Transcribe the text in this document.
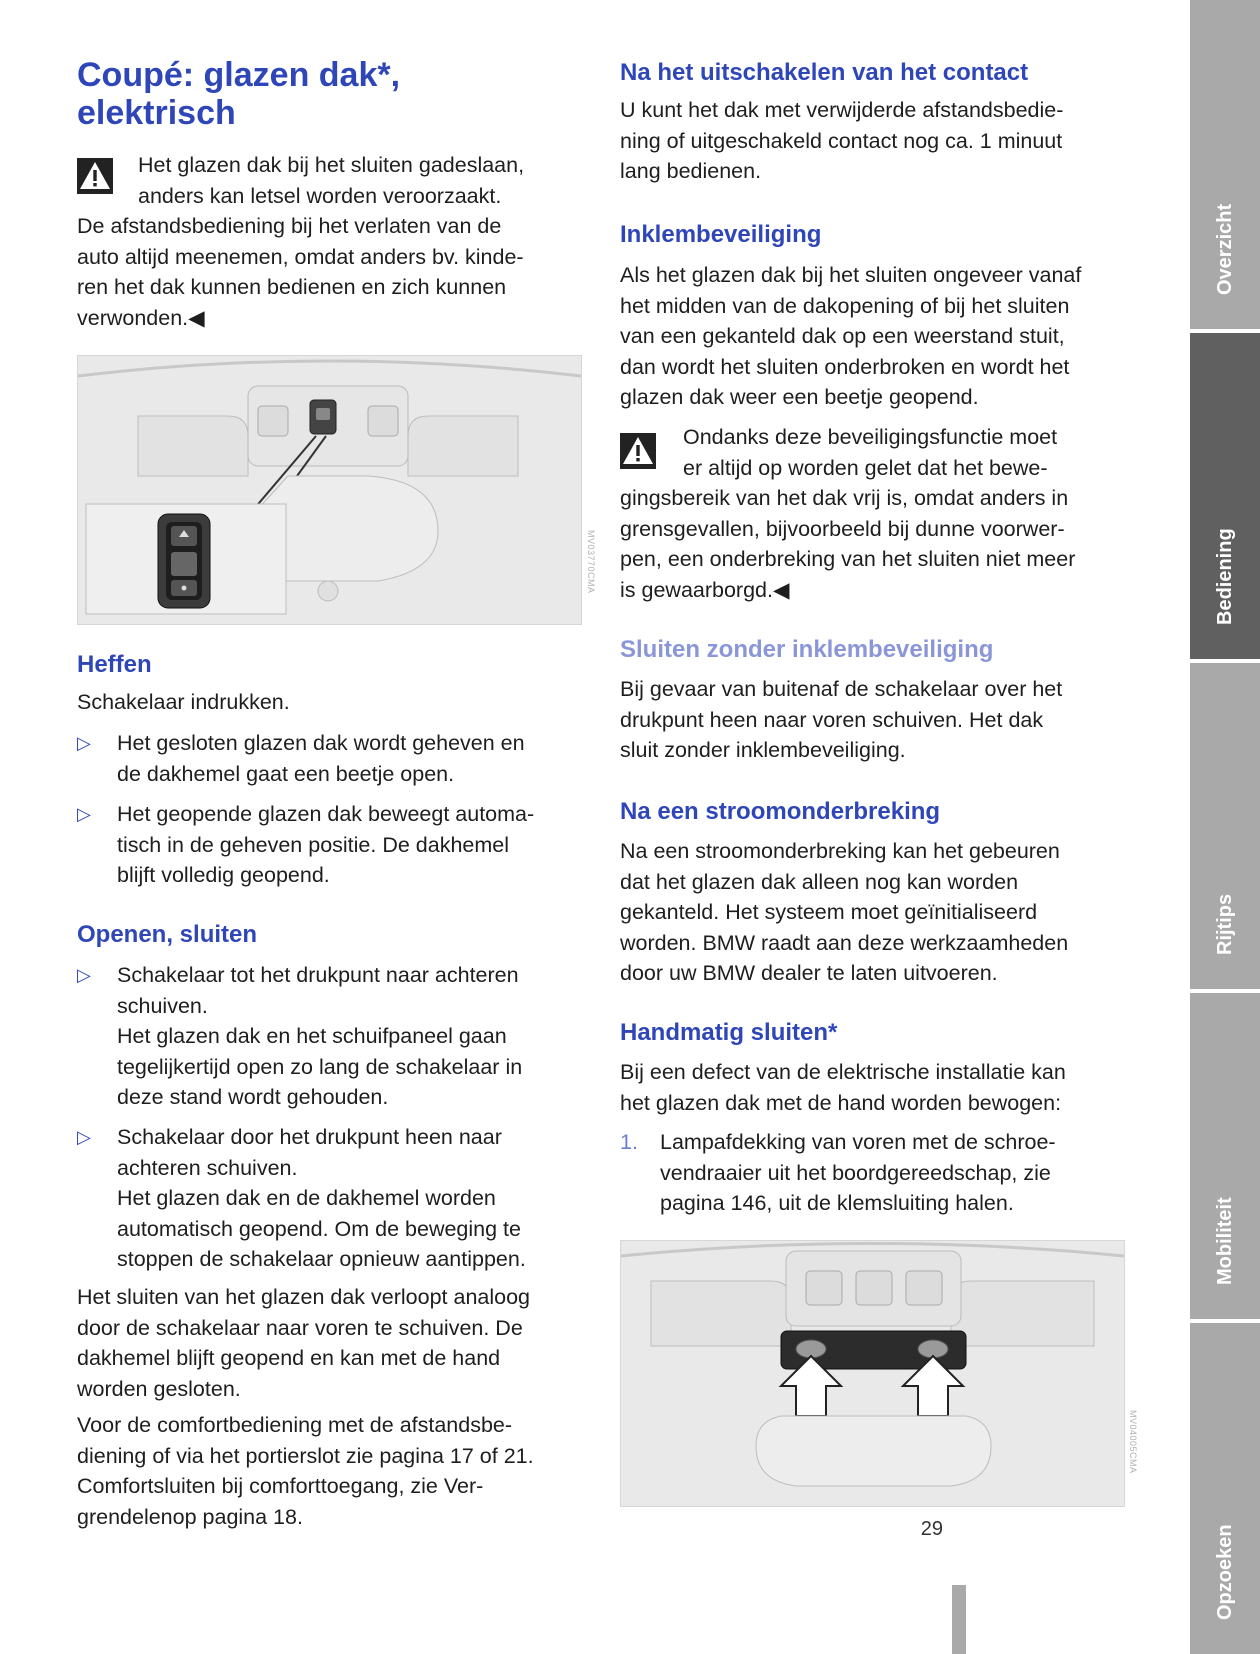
Coupé: glazen dak*,
elektrisch

Het glazen dak bij het sluiten gadeslaan,

anders kan letsel worden veroorzaakt.

De afstandsbediening bij het verlaten van de

auto altijd meenemen, omdat anders bv. kinde-

ren het dak kunnen bedienen en zich kunnen

verwonden.◀

MV03770CMA
Heffen

Schakelaar indrukken.

▷	Het gesloten glazen dak wordt geheven en

de dakhemel gaat een beetje open.

▷	Het geopende glazen dak beweegt automa-

tisch in de geheven positie. De dakhemel

blijft volledig geopend.

Openen, sluiten
▷	Schakelaar tot het drukpunt naar achteren

schuiven.

Het glazen dak en het schuifpaneel gaan

tegelijkertijd open zo lang de schakelaar in

deze stand wordt gehouden.

▷	Schakelaar door het drukpunt heen naar

achteren schuiven.

Het glazen dak en de dakhemel worden

automatisch geopend. Om de beweging te

stoppen de schakelaar opnieuw aantippen.

Het sluiten van het glazen dak verloopt analoog

door de schakelaar naar voren te schuiven. De

dakhemel blijft geopend en kan met de hand

worden gesloten.

Voor de comfortbediening met de afstandsbe-

diening of via het portierslot zie pagina 17 of 21.

Comfortsluiten bij comforttoegang, zie Ver-

grendelenop pagina 18.

Na het uitschakelen van het contact

U kunt het dak met verwijderde afstandsbedie-

ning of uitgeschakeld contact nog ca. 1 minuut

lang bedienen.

Inklembeveiliging

Als het glazen dak bij het sluiten ongeveer vanaf

het midden van de dakopening of bij het sluiten

van een gekanteld dak op een weerstand stuit,

dan wordt het sluiten onderbroken en wordt het

glazen dak weer een beetje geopend.

Ondanks deze beveiligingsfunctie moet

er altijd op worden gelet dat het bewe-

gingsbereik van het dak vrij is, omdat anders in

grensgevallen, bijvoorbeeld bij dunne voorwer-

pen, een onderbreking van het sluiten niet meer

is gewaarborgd.◀

Sluiten zonder inklembeveiliging

Bij gevaar van buitenaf de schakelaar over het

drukpunt heen naar voren schuiven. Het dak

sluit zonder inklembeveiliging.

Na een stroomonderbreking

Na een stroomonderbreking kan het gebeuren

dat het glazen dak alleen nog kan worden

gekanteld. Het systeem moet geïnitialiseerd

worden. BMW raadt aan deze werkzaamheden

door uw BMW dealer te laten uitvoeren.

Handmatig sluiten*

Bij een defect van de elektrische installatie kan

het glazen dak met de hand worden bewogen:

1.	Lampafdekking van voren met de schroe-

vendraaier uit het boordgereedschap, zie

pagina 146, uit de klemsluiting halen.

MV04005CMA
Overzicht
Bediening
Rijtips
Mobiliteit
Opzoeken
29
